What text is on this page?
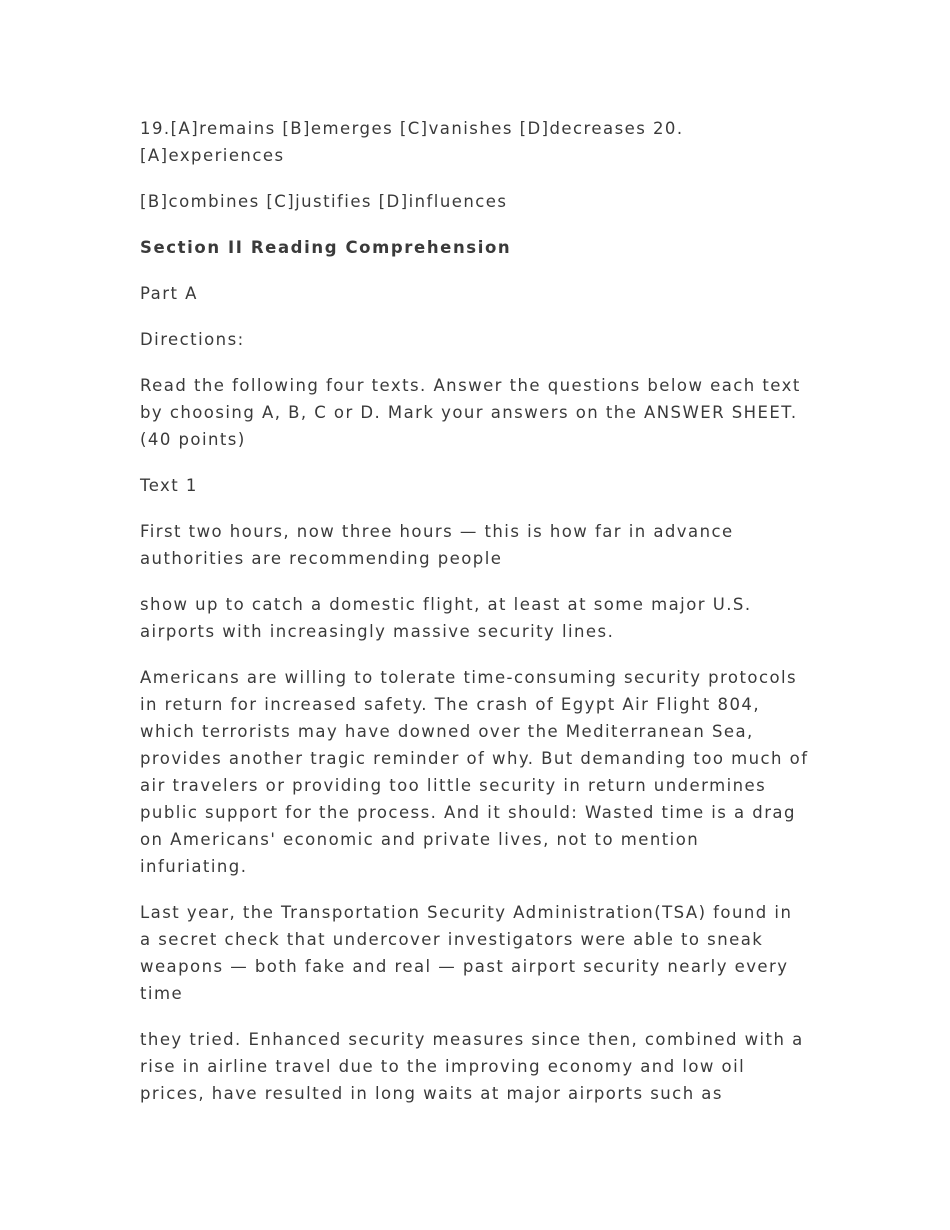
19.[A]remains [B]emerges [C]vanishes [D]decreases 20. [A]experiences

[B]combines [C]justifies [D]influences

Section II Reading Comprehension

Part A

Directions:

Read the following four texts. Answer the questions below each text by choosing A, B, C or D. Mark your answers on the ANSWER SHEET. (40 points)

Text 1

First two hours, now three hours — this is how far in advance authorities are recommending people

show up to catch a domestic flight, at least at some major U.S. airports with increasingly massive security lines.

Americans are willing to tolerate time-consuming security protocols in return for increased safety. The crash of Egypt Air Flight 804, which terrorists may have downed over the Mediterranean Sea, provides another tragic reminder of why. But demanding too much of air travelers or providing too little security in return undermines public support for the process. And it should: Wasted time is a drag on Americans' economic and private lives, not to mention infuriating.

Last year, the Transportation Security Administration(TSA) found in a secret check that undercover investigators were able to sneak weapons — both fake and real — past airport security nearly every time

they tried. Enhanced security measures since then, combined with a rise in airline travel due to the improving economy and low oil prices, have resulted in long waits at major airports such as
